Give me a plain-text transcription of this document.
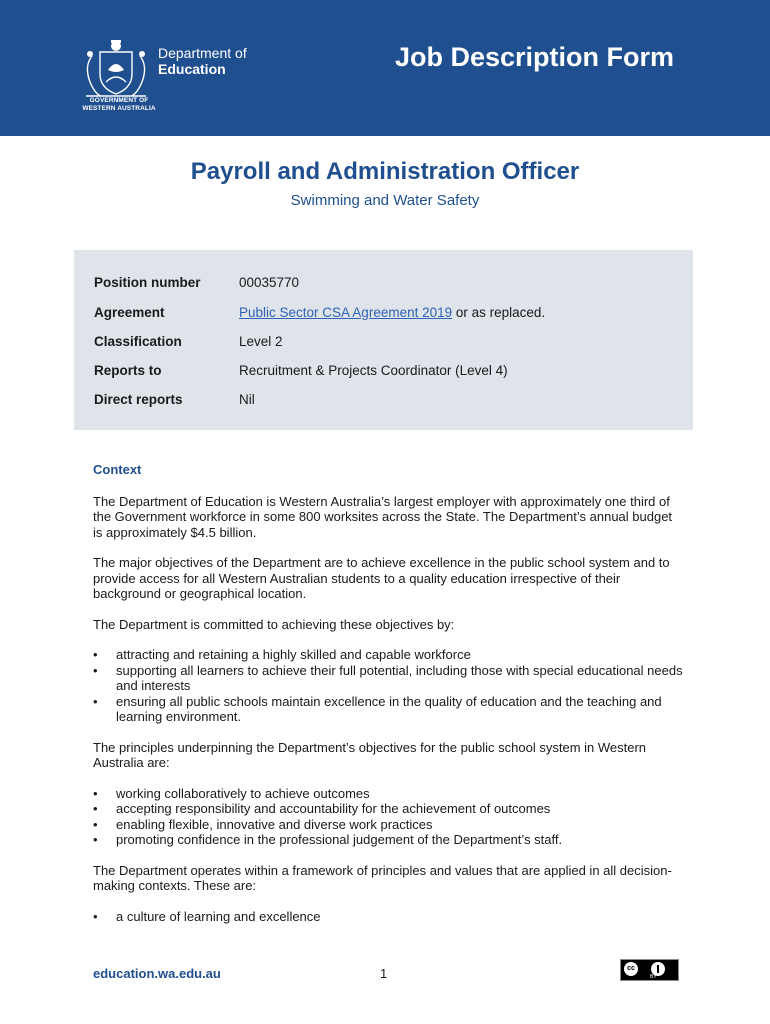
GOVERNMENT OF
WESTERN AUSTRALIA
Department of
Education	Job Description Form
Payroll and Administration Officer
Swimming and Water Safety
Position number	00035770
Agreement	Public Sector CSA Agreement 2019 or as replaced.
Classification	Level 2
Reports to	Recruitment & Projects Coordinator (Level 4)
Direct reports	Nil
Context

The Department of Education is Western Australia’s largest employer with approximately one third of the Government workforce in some 800 worksites across the State. The Department’s annual budget is approximately $4.5 billion.

The major objectives of the Department are to achieve excellence in the public school system and to provide access for all Western Australian students to a quality education irrespective of their background or geographical location.

The Department is committed to achieving these objectives by:

• attracting and retaining a highly skilled and capable workforce
• supporting all learners to achieve their full potential, including those with special educational needs and interests
• ensuring all public schools maintain excellence in the quality of education and the teaching and learning environment.

The principles underpinning the Department’s objectives for the public school system in Western Australia are:

• working collaboratively to achieve outcomes
• accepting responsibility and accountability for the achievement of outcomes
• enabling flexible, innovative and diverse work practices
• promoting confidence in the professional judgement of the Department’s staff.

The Department operates within a framework of principles and values that are applied in all decision-making contexts. These are:

• a culture of learning and excellence
education.wa.edu.au	1	cc
BY
